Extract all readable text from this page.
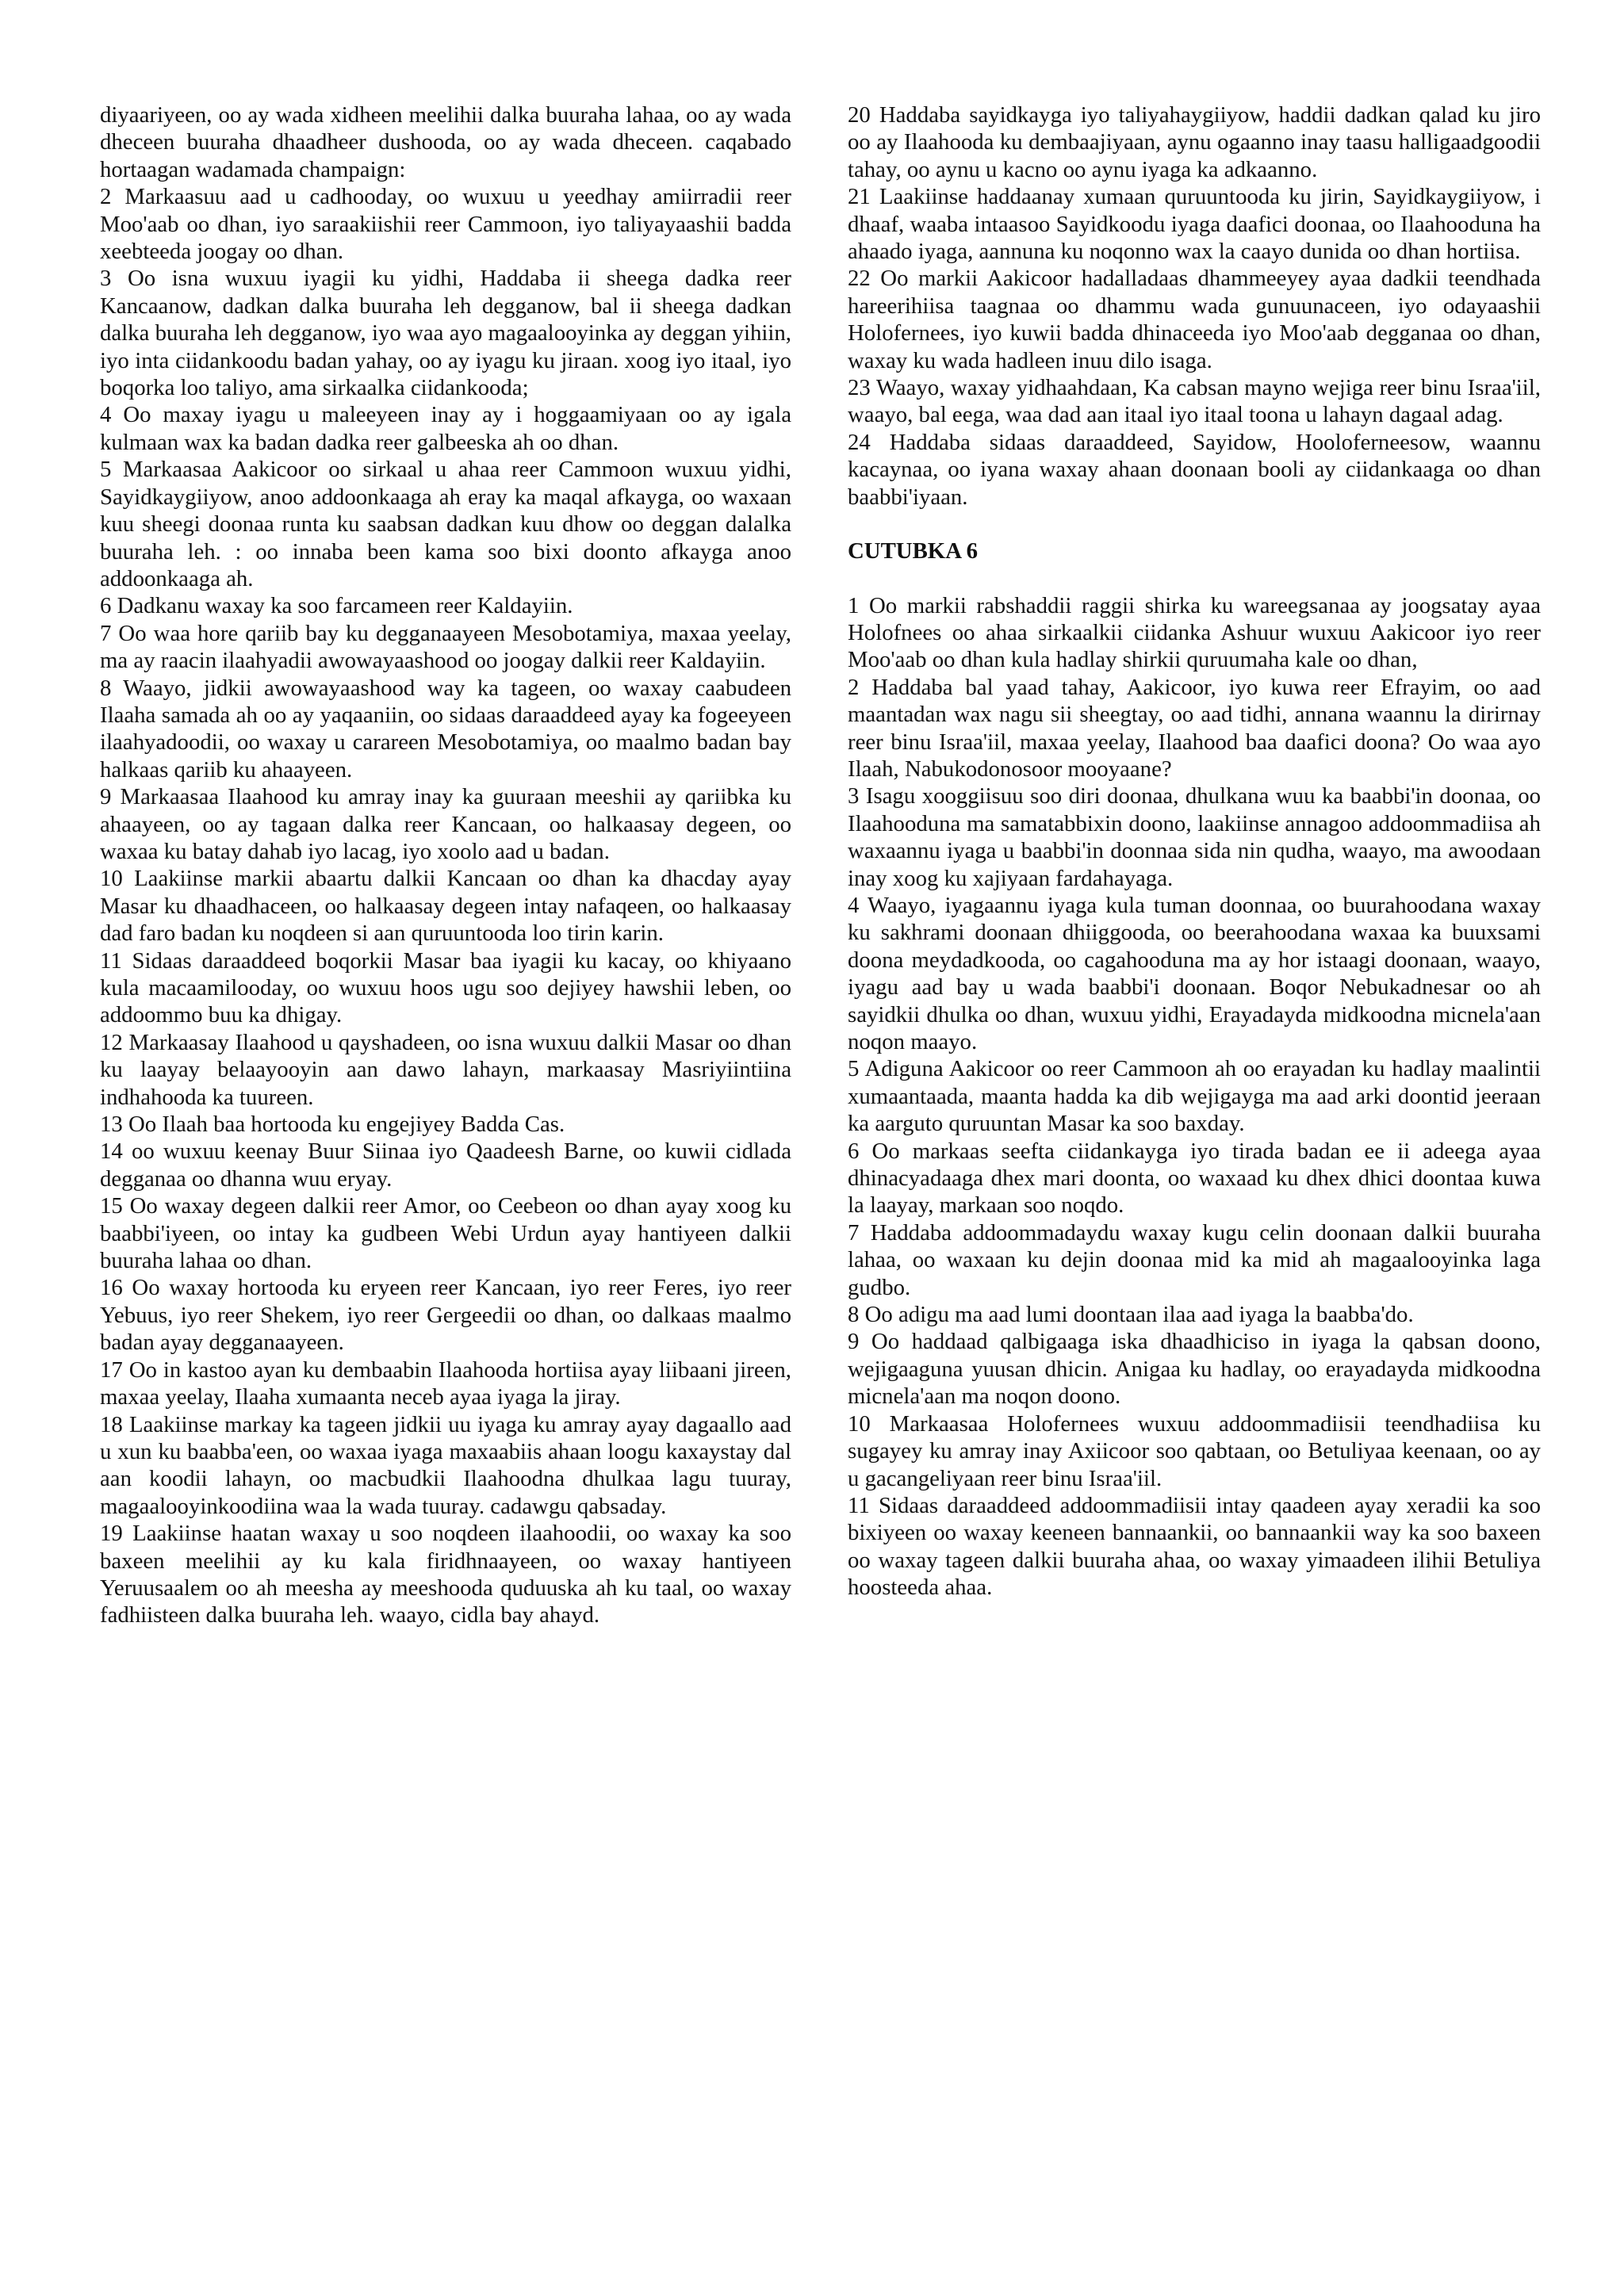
diyaariyeen, oo ay wada xidheen meelihii dalka buuraha lahaa, oo ay wada dheceen buuraha dhaadheer dushooda, oo ay wada dheceen. caqabado hortaagan wadamada champaign:

2 Markaasuu aad u cadhooday, oo wuxuu u yeedhay amiirradii reer Moo'aab oo dhan, iyo saraakiishii reer Cammoon, iyo taliyayaashii badda xeebteeda joogay oo dhan.

3 Oo isna wuxuu iyagii ku yidhi, Haddaba ii sheega dadka reer Kancaanow, dadkan dalka buuraha leh degganow, bal ii sheega dadkan dalka buuraha leh degganow, iyo waa ayo magaalooyinka ay deggan yihiin, iyo inta ciidankoodu badan yahay, oo ay iyagu ku jiraan. xoog iyo itaal, iyo boqorka loo taliyo, ama sirkaalka ciidankooda;

4 Oo maxay iyagu u maleeyeen inay ay i hoggaamiyaan oo ay igala kulmaan wax ka badan dadka reer galbeeska ah oo dhan.

5 Markaasaa Aakicoor oo sirkaal u ahaa reer Cammoon wuxuu yidhi, Sayidkaygiiyow, anoo addoonkaaga ah eray ka maqal afkayga, oo waxaan kuu sheegi doonaa runta ku saabsan dadkan kuu dhow oo deggan dalalka buuraha leh. : oo innaba been kama soo bixi doonto afkayga anoo addoonkaaga ah.

6 Dadkanu waxay ka soo farcameen reer Kaldayiin.

7 Oo waa hore qariib bay ku degganaayeen Mesobotamiya, maxaa yeelay, ma ay raacin ilaahyadii awowayaashood oo joogay dalkii reer Kaldayiin.

8 Waayo, jidkii awowayaashood way ka tageen, oo waxay caabudeen Ilaaha samada ah oo ay yaqaaniin, oo sidaas daraaddeed ayay ka fogeeyeen ilaahyadoodii, oo waxay u carareen Mesobotamiya, oo maalmo badan bay halkaas qariib ku ahaayeen.

9 Markaasaa Ilaahood ku amray inay ka guuraan meeshii ay qariibka ku ahaayeen, oo ay tagaan dalka reer Kancaan, oo halkaasay degeen, oo waxaa ku batay dahab iyo lacag, iyo xoolo aad u badan.

10 Laakiinse markii abaartu dalkii Kancaan oo dhan ka dhacday ayay Masar ku dhaadhaceen, oo halkaasay degeen intay nafaqeen, oo halkaasay dad faro badan ku noqdeen si aan quruuntooda loo tirin karin.

11 Sidaas daraaddeed boqorkii Masar baa iyagii ku kacay, oo khiyaano kula macaamilooday, oo wuxuu hoos ugu soo dejiyey hawshii leben, oo addoommo buu ka dhigay.

12 Markaasay Ilaahood u qayshadeen, oo isna wuxuu dalkii Masar oo dhan ku laayay belaayooyin aan dawo lahayn, markaasay Masriyiintiina indhahooda ka tuureen.

13 Oo Ilaah baa hortooda ku engejiyey Badda Cas.

14 oo wuxuu keenay Buur Siinaa iyo Qaadeesh Barne, oo kuwii cidlada degganaa oo dhanna wuu eryay.

15 Oo waxay degeen dalkii reer Amor, oo Ceebeon oo dhan ayay xoog ku baabbi'iyeen, oo intay ka gudbeen Webi Urdun ayay hantiyeen dalkii buuraha lahaa oo dhan.

16 Oo waxay hortooda ku eryeen reer Kancaan, iyo reer Feres, iyo reer Yebuus, iyo reer Shekem, iyo reer Gergeedii oo dhan, oo dalkaas maalmo badan ayay degganaayeen.

17 Oo in kastoo ayan ku dembaabin Ilaahooda hortiisa ayay liibaani jireen, maxaa yeelay, Ilaaha xumaanta neceb ayaa iyaga la jiray.

18 Laakiinse markay ka tageen jidkii uu iyaga ku amray ayay dagaallo aad u xun ku baabba'een, oo waxaa iyaga maxaabiis ahaan loogu kaxaystay dal aan koodii lahayn, oo macbudkii Ilaahoodna dhulkaa lagu tuuray, magaalooyinkoodiina waa la wada tuuray. cadawgu qabsaday.

19 Laakiinse haatan waxay u soo noqdeen ilaahoodii, oo waxay ka soo baxeen meelihii ay ku kala firidhnaayeen, oo waxay hantiyeen Yeruusaalem oo ah meesha ay meeshooda quduuska ah ku taal, oo waxay fadhiisteen dalka buuraha leh. waayo, cidla bay ahayd.

20 Haddaba sayidkayga iyo taliyahaygiiyow, haddii dadkan qalad ku jiro oo ay Ilaahooda ku dembaajiyaan, aynu ogaanno inay taasu halligaadgoodii tahay, oo aynu u kacno oo aynu iyaga ka adkaanno.

21 Laakiinse haddaanay xumaan quruuntooda ku jirin, Sayidkaygiiyow, i dhaaf, waaba intaasoo Sayidkoodu iyaga daafici doonaa, oo Ilaahooduna ha ahaado iyaga, aannuna ku noqonno wax la caayo dunida oo dhan hortiisa.

22 Oo markii Aakicoor hadalladaas dhammeeyey ayaa dadkii teendhada hareerihiisa taagnaa oo dhammu wada gunuunaceen, iyo odayaashii Holofernees, iyo kuwii badda dhinaceeda iyo Moo'aab degganaa oo dhan, waxay ku wada hadleen inuu dilo isaga.

23 Waayo, waxay yidhaahdaan, Ka cabsan mayno wejiga reer binu Israa'iil, waayo, bal eega, waa dad aan itaal iyo itaal toona u lahayn dagaal adag.

24 Haddaba sidaas daraaddeed, Sayidow, Hooloferneesow, waannu kacaynaa, oo iyana waxay ahaan doonaan booli ay ciidankaaga oo dhan baabbi'iyaan.

CUTUBKA 6

1 Oo markii rabshaddii raggii shirka ku wareegsanaa ay joogsatay ayaa Holofnees oo ahaa sirkaalkii ciidanka Ashuur wuxuu Aakicoor iyo reer Moo'aab oo dhan kula hadlay shirkii quruumaha kale oo dhan,

2 Haddaba bal yaad tahay, Aakicoor, iyo kuwa reer Efrayim, oo aad maantadan wax nagu sii sheegtay, oo aad tidhi, annana waannu la dirirnay reer binu Israa'iil, maxaa yeelay, Ilaahood baa daafici doona? Oo waa ayo Ilaah, Nabukodonosoor mooyaane?

3 Isagu xooggiisuu soo diri doonaa, dhulkana wuu ka baabbi'in doonaa, oo Ilaahooduna ma samatabbixin doono, laakiinse annagoo addoommadiisa ah waxaannu iyaga u baabbi'in doonnaa sida nin qudha, waayo, ma awoodaan inay xoog ku xajiyaan fardahayaga.

4 Waayo, iyagaannu iyaga kula tuman doonnaa, oo buurahoodana waxay ku sakhrami doonaan dhiiggooda, oo beerahoodana waxaa ka buuxsami doona meydadkooda, oo cagahooduna ma ay hor istaagi doonaan, waayo, iyagu aad bay u wada baabbi'i doonaan. Boqor Nebukadnesar oo ah sayidkii dhulka oo dhan, wuxuu yidhi, Erayadayda midkoodna micnela'aan noqon maayo.

5 Adiguna Aakicoor oo reer Cammoon ah oo erayadan ku hadlay maalintii xumaantaada, maanta hadda ka dib wejigayga ma aad arki doontid jeeraan ka aarguto quruuntan Masar ka soo baxday.

6 Oo markaas seefta ciidankayga iyo tirada badan ee ii adeega ayaa dhinacyadaaga dhex mari doonta, oo waxaad ku dhex dhici doontaa kuwa la laayay, markaan soo noqdo.

7 Haddaba addoommadaydu waxay kugu celin doonaan dalkii buuraha lahaa, oo waxaan ku dejin doonaa mid ka mid ah magaalooyinka laga gudbo.

8 Oo adigu ma aad lumi doontaan ilaa aad iyaga la baabba'do.

9 Oo haddaad qalbigaaga iska dhaadhiciso in iyaga la qabsan doono, wejigaaguna yuusan dhicin. Anigaa ku hadlay, oo erayadayda midkoodna micnela'aan ma noqon doono.

10 Markaasaa Holofernees wuxuu addoommadiisii teendhadiisa ku sugayey ku amray inay Axiicoor soo qabtaan, oo Betuliyaa keenaan, oo ay u gacangeliyaan reer binu Israa'iil.

11 Sidaas daraaddeed addoommadiisii intay qaadeen ayay xeradii ka soo bixiyeen oo waxay keeneen bannaankii, oo bannaankii way ka soo baxeen oo waxay tageen dalkii buuraha ahaa, oo waxay yimaadeen ilihii Betuliya hoosteeda ahaa.
